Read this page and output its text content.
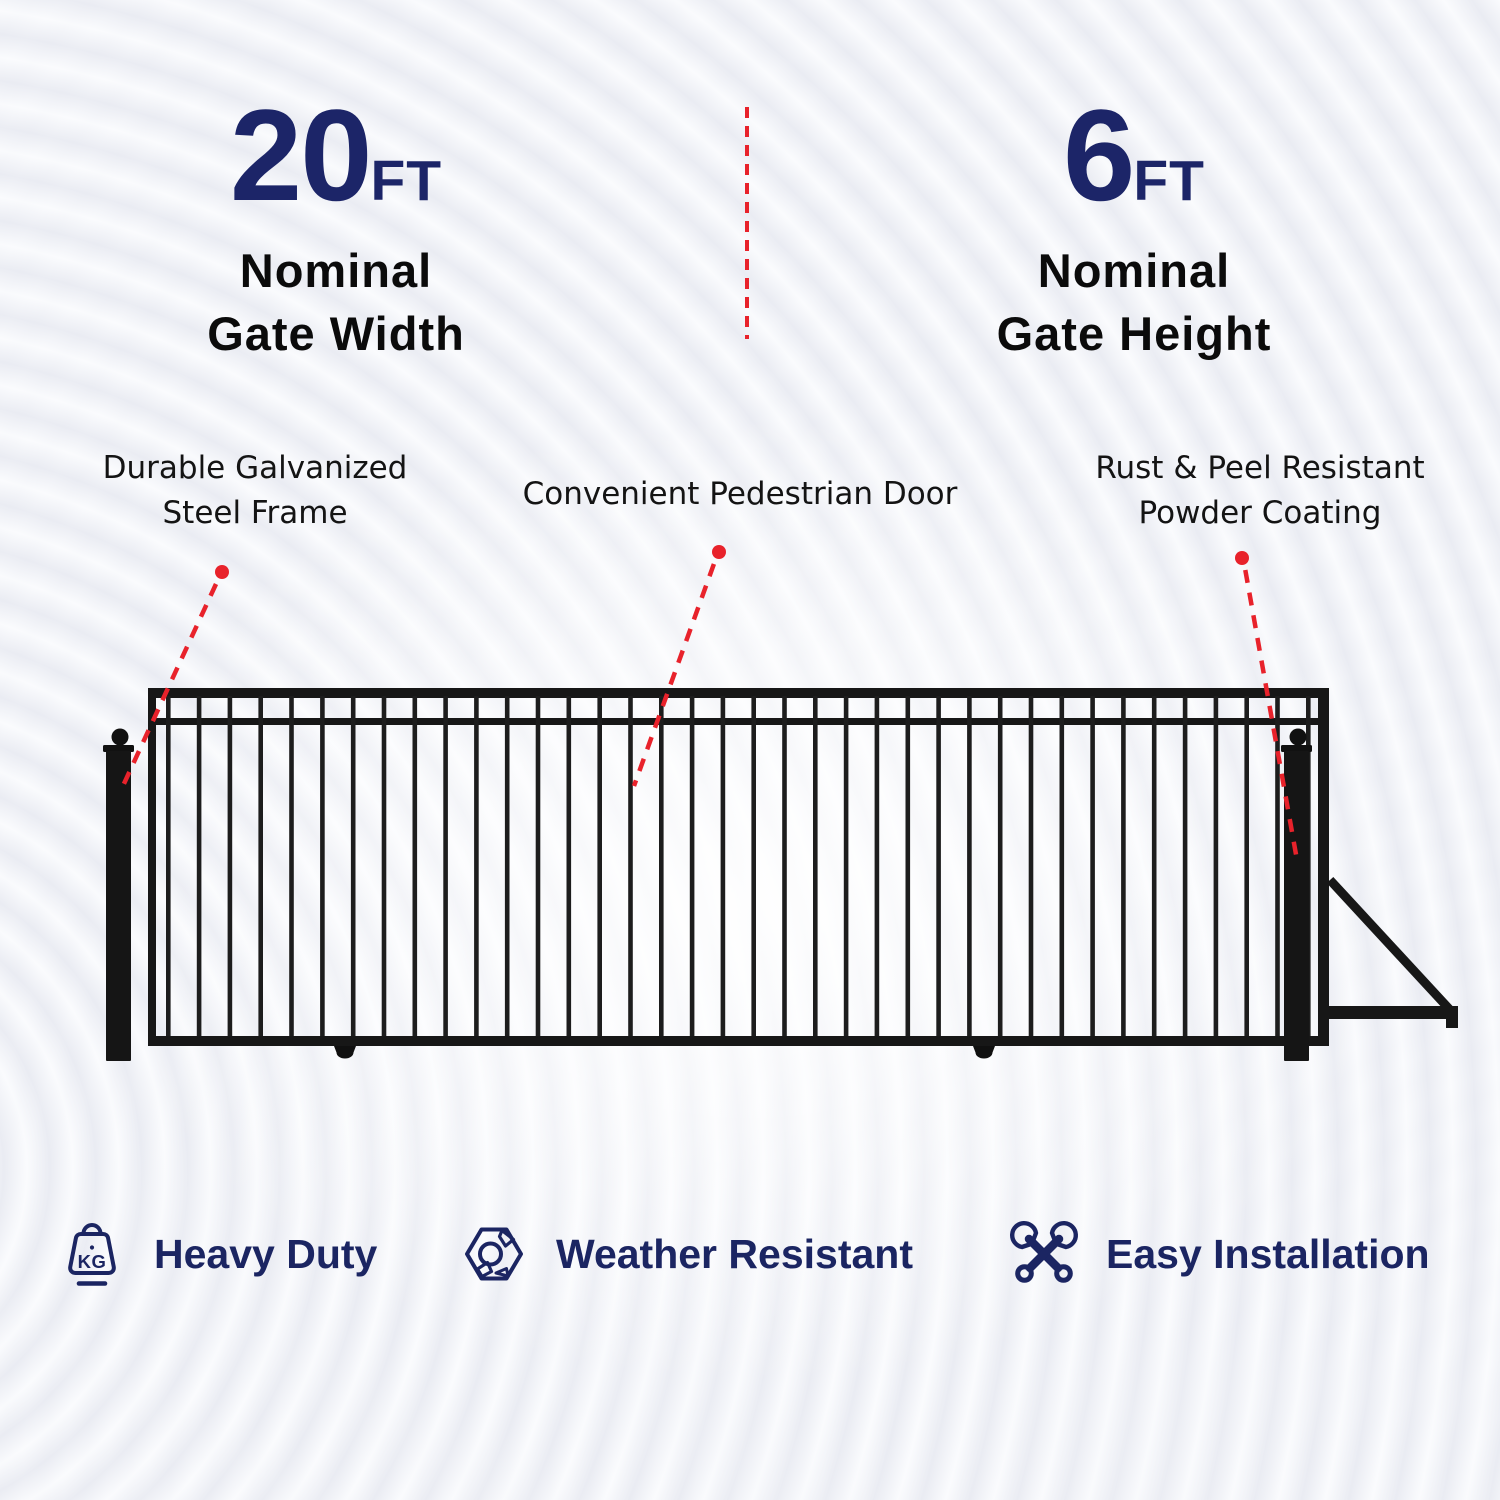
20FT
Nominal
Gate Width
6FT
Nominal
Gate Height
Durable Galvanized
Steel Frame
Convenient Pedestrian Door
Rust & Peel Resistant
Powder Coating
KG Heavy Duty	Weather Resistant	Easy Installation
